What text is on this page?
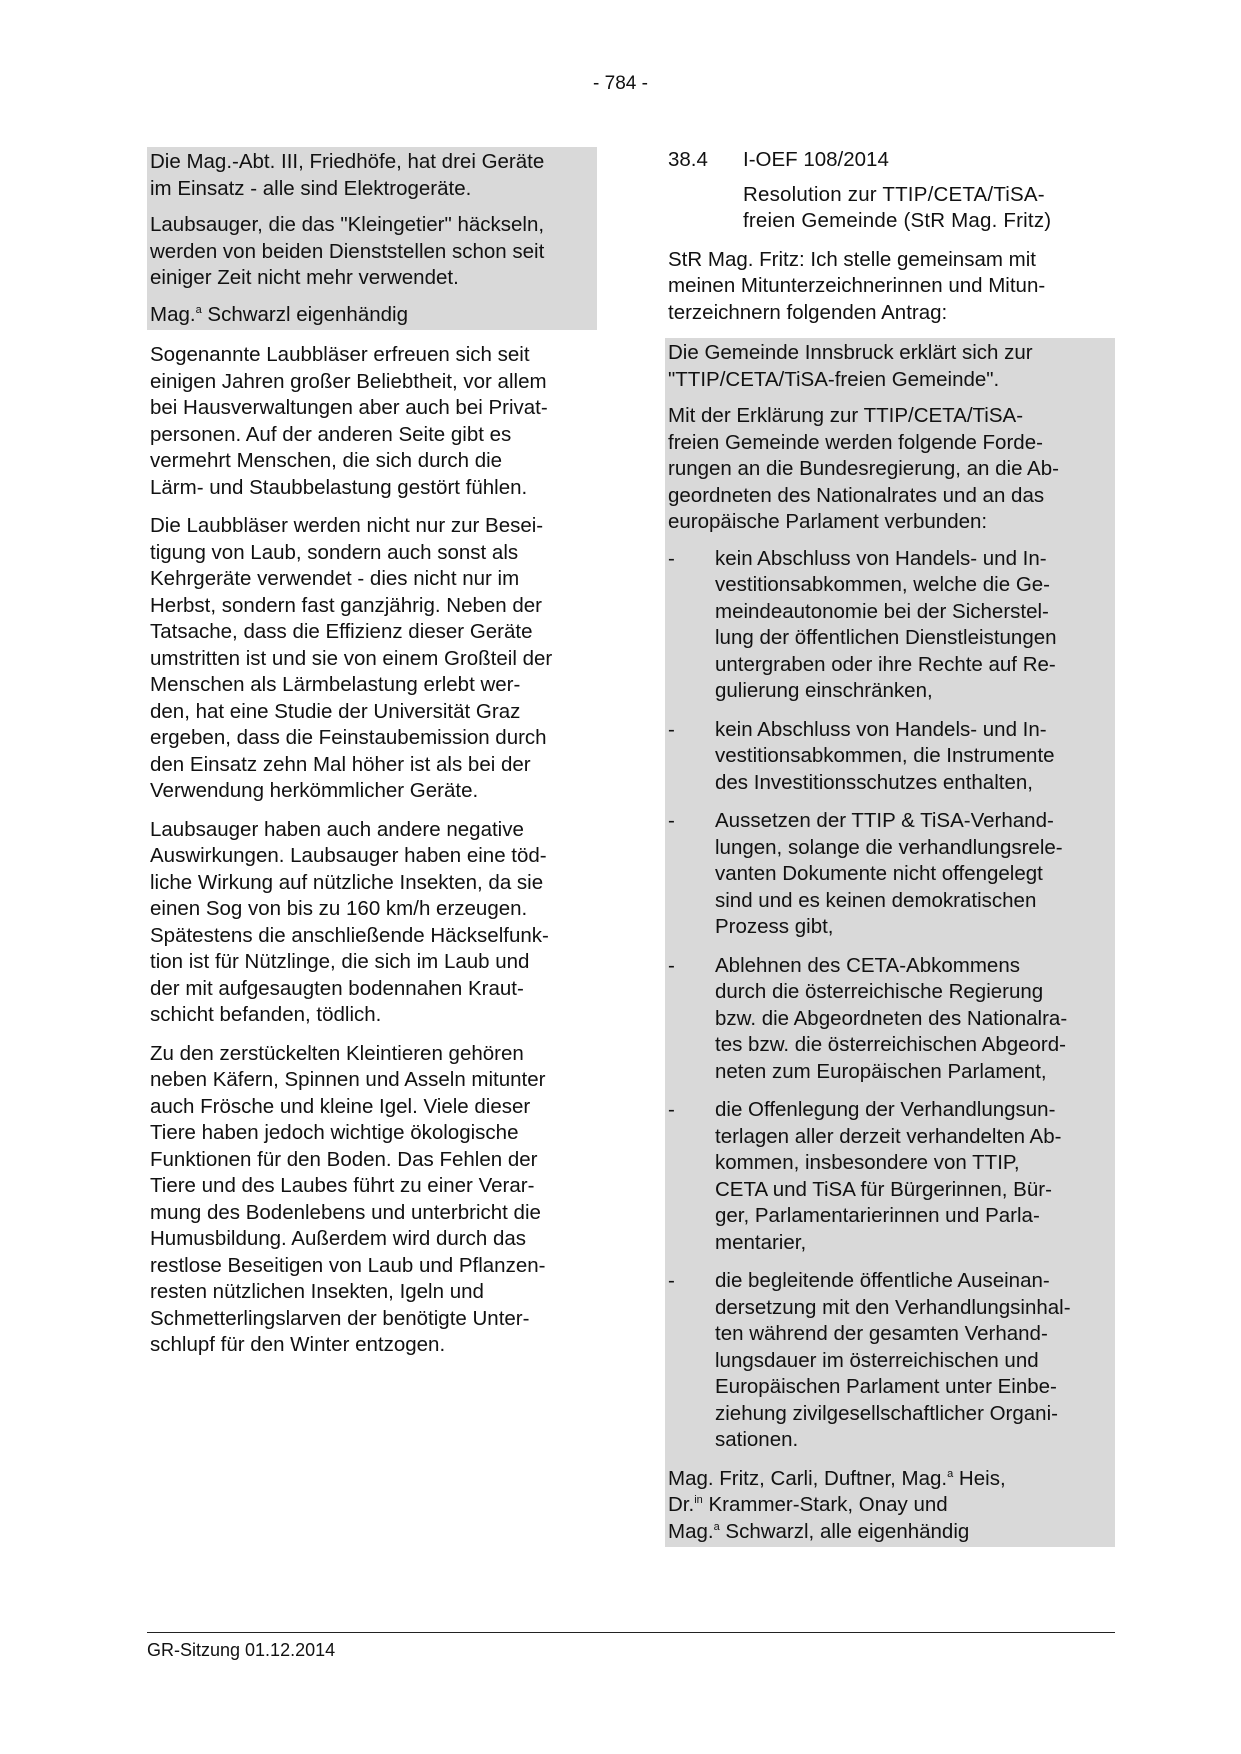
- 784 -

Die Mag.-Abt. III, Friedhöfe, hat drei Geräte
im Einsatz - alle sind Elektrogeräte.

Laubsauger, die das "Kleingetier" häckseln,
werden von beiden Dienststellen schon seit
einiger Zeit nicht mehr verwendet.

Mag.$^a$ Schwarzl eigenhändig

Sogenannte Laubbläser erfreuen sich seit
einigen Jahren großer Beliebtheit, vor allem
bei Hausverwaltungen aber auch bei Privat-
personen. Auf der anderen Seite gibt es
vermehrt Menschen, die sich durch die
Lärm- und Staubbelastung gestört fühlen.

Die Laubbläser werden nicht nur zur Besei-
tigung von Laub, sondern auch sonst als
Kehrgeräte verwendet - dies nicht nur im
Herbst, sondern fast ganzjährig. Neben der
Tatsache, dass die Effizienz dieser Geräte
umstritten ist und sie von einem Großteil der
Menschen als Lärmbelastung erlebt wer-
den, hat eine Studie der Universität Graz
ergeben, dass die Feinstaubemission durch
den Einsatz zehn Mal höher ist als bei der
Verwendung herkömmlicher Geräte.

Laubsauger haben auch andere negative
Auswirkungen. Laubsauger haben eine töd-
liche Wirkung auf nützliche Insekten, da sie
einen Sog von bis zu 160 km/h erzeugen.
Spätestens die anschließende Häckselfunk-
tion ist für Nützlinge, die sich im Laub und
der mit aufgesaugten bodennahen Kraut-
schicht befanden, tödlich.

Zu den zerstückelten Kleintieren gehören
neben Käfern, Spinnen und Asseln mitunter
auch Frösche und kleine Igel. Viele dieser
Tiere haben jedoch wichtige ökologische
Funktionen für den Boden. Das Fehlen der
Tiere und des Laubes führt zu einer Verar-
mung des Bodenlebens und unterbricht die
Humusbildung. Außerdem wird durch das
restlose Beseitigen von Laub und Pflanzen-
resten nützlichen Insekten, Igeln und
Schmetterlingslarven der benötigte Unter-
schlupf für den Winter entzogen.

38.4	I-OEF 108/2014

Resolution zur TTIP/CETA/TiSA-
freien Gemeinde (StR Mag. Fritz)

StR Mag. Fritz: Ich stelle gemeinsam mit
meinen Mitunterzeichnerinnen und Mitun-
terzeichnern folgenden Antrag:

Die Gemeinde Innsbruck erklärt sich zur
"TTIP/CETA/TiSA-freien Gemeinde".

Mit der Erklärung zur TTIP/CETA/TiSA-
freien Gemeinde werden folgende Forde-
rungen an die Bundesregierung, an die Ab-
geordneten des Nationalrates und an das
europäische Parlament verbunden:

-	kein Abschluss von Handels- und In-
vestitionsabkommen, welche die Ge-
meindeautonomie bei der Sicherstel-
lung der öffentlichen Dienstleistungen
untergraben oder ihre Rechte auf Re-
gulierung einschränken,
-	kein Abschluss von Handels- und In-
vestitionsabkommen, die Instrumente
des Investitionsschutzes enthalten,
-	Aussetzen der TTIP & TiSA-Verhand-
lungen, solange die verhandlungsrele-
vanten Dokumente nicht offengelegt
sind und es keinen demokratischen
Prozess gibt,
-	Ablehnen des CETA-Abkommens
durch die österreichische Regierung
bzw. die Abgeordneten des Nationalra-
tes bzw. die österreichischen Abgeord-
neten zum Europäischen Parlament,
-	die Offenlegung der Verhandlungsun-
terlagen aller derzeit verhandelten Ab-
kommen, insbesondere von TTIP,
CETA und TiSA für Bürgerinnen, Bür-
ger, Parlamentarierinnen und Parla-
mentarier,
-	die begleitende öffentliche Auseinan-
dersetzung mit den Verhandlungsinhal-
ten während der gesamten Verhand-
lungsdauer im österreichischen und
Europäischen Parlament unter Einbe-
ziehung zivilgesellschaftlicher Organi-
sationen.

Mag. Fritz, Carli, Duftner, Mag.$^a$ Heis,
Dr.$^{in}$ Krammer-Stark, Onay und
Mag.$^a$ Schwarzl, alle eigenhändig

GR-Sitzung 01.12.2014
